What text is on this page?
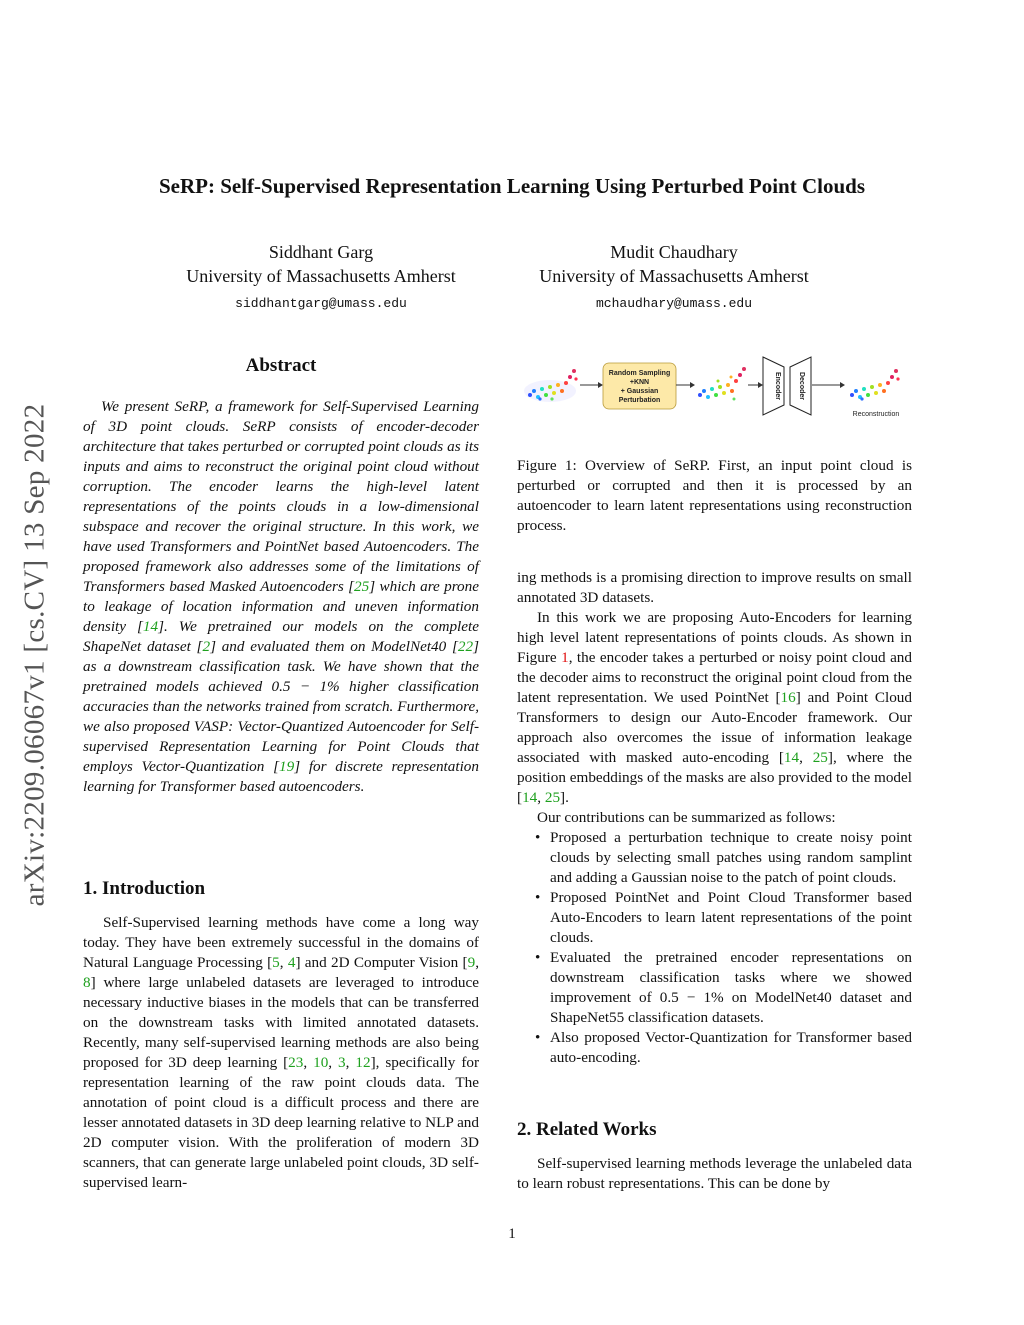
arXiv:2209.06067v1 [cs.CV] 13 Sep 2022
SeRP: Self-Supervised Representation Learning Using Perturbed Point Clouds
Siddhant Garg
University of Massachusetts Amherst
siddhantgarg@umass.edu
Mudit Chaudhary
University of Massachusetts Amherst
mchaudhary@umass.edu
Abstract

We present SeRP, a framework for Self-Supervised Learning of 3D point clouds. SeRP consists of encoder-decoder architecture that takes perturbed or corrupted point clouds as its inputs and aims to reconstruct the original point cloud without corruption. The encoder learns the high-level latent representations of the points clouds in a low-dimensional subspace and recover the original structure. In this work, we have used Transformers and PointNet based Autoencoders. The proposed framework also addresses some of the limitations of Transformers based Masked Autoencoders [25] which are prone to leakage of location information and uneven information density [14]. We pretrained our models on the complete ShapeNet dataset [2] and evaluated them on ModelNet40 [22] as a downstream classification task. We have shown that the pretrained models achieved 0.5 − 1% higher classification accuracies than the networks trained from scratch. Furthermore, we also proposed VASP: Vector-Quantized Autoencoder for Self-supervised Representation Learning for Point Clouds that employs Vector-Quantization [19] for discrete representation learning for Transformer based autoencoders.

1. Introduction

Self-Supervised learning methods have come a long way today. They have been extremely successful in the domains of Natural Language Processing [5, 4] and 2D Computer Vision [9, 8] where large unlabeled datasets are leveraged to introduce necessary inductive biases in the models that can be transferred on the downstream tasks with limited annotated datasets. Recently, many self-supervised learning methods are also being proposed for 3D deep learning [23, 10, 3, 12], specifically for representation learning of the raw point clouds data. The annotation of point cloud is a difficult process and there are lesser annotated datasets in 3D deep learning relative to NLP and 2D computer vision. With the proliferation of modern 3D scanners, that can generate large unlabeled point clouds, 3D self-supervised learn-

Random Sampling
+KNN
+ Gaussian
Perturbation
Encoder Decoder
Reconstruction
Figure 1: Overview of SeRP. First, an input point cloud is perturbed or corrupted and then it is processed by an autoencoder to learn latent representations using reconstruction process.

ing methods is a promising direction to improve results on small annotated 3D datasets.

In this work we are proposing Auto-Encoders for learning high level latent representations of points clouds. As shown in Figure 1, the encoder takes a perturbed or noisy point cloud and the decoder aims to reconstruct the original point cloud from the latent representation. We used PointNet [16] and Point Cloud Transformers to design our Auto-Encoder framework. Our approach also overcomes the issue of information leakage associated with masked auto-encoding [14, 25], where the position embeddings of the masks are also provided to the model [14, 25].

Our contributions can be summarized as follows:

• Proposed a perturbation technique to create noisy point clouds by selecting small patches using random samplint and adding a Gaussian noise to the patch of point clouds.
• Proposed PointNet and Point Cloud Transformer based Auto-Encoders to learn latent representations of the point clouds.
• Evaluated the pretrained encoder representations on downstream classification tasks where we showed improvement of 0.5 − 1% on ModelNet40 dataset and ShapeNet55 classification datasets.
• Also proposed Vector-Quantization for Transformer based auto-encoding.
2. Related Works

Self-supervised learning methods leverage the unlabeled data to learn robust representations. This can be done by

1
